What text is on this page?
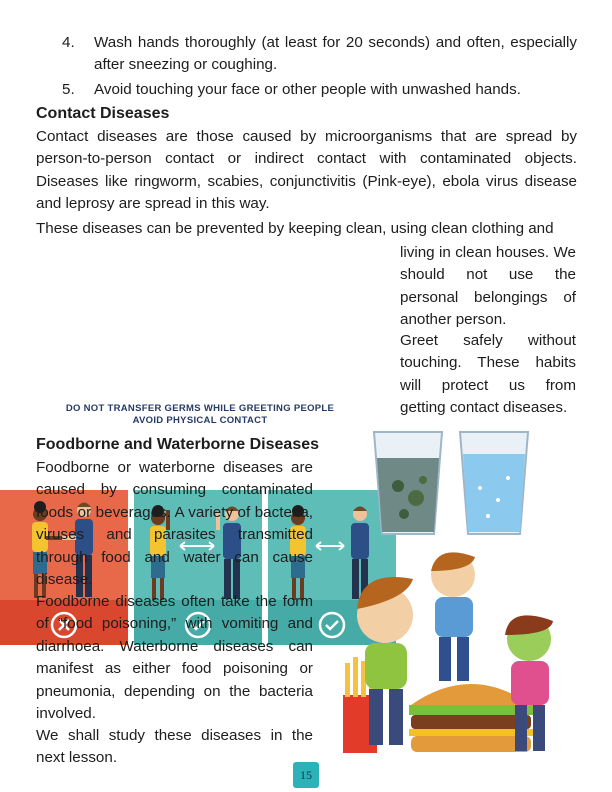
4. Wash hands thoroughly (at least for 20 seconds) and often, especially after sneezing or coughing.
5. Avoid touching your face or other people with unwashed hands.
Contact Diseases
Contact diseases are those caused by microorganisms that are spread by person-to-person contact or indirect contact with contaminated objects. Diseases like ringworm, scabies, conjunctivitis (Pink-eye), ebola virus disease and leprosy are spread in this way.
These diseases can be prevented by keeping clean, using clean clothing and
living in clean houses. We should not use the personal belongings of another person.
Greet safely without touching. These habits will protect us from getting contact diseases.
DO NOT TRANSFER GERMS WHILE GREETING PEOPLE
AVOID PHYSICAL CONTACT
Foodborne and Waterborne Diseases
Foodborne or waterborne diseases are caused by consuming contaminated foods or beverages. A variety of bacteria, viruses and parasites transmitted through food and water can cause disease.
Foodborne diseases often take the form of “food poisoning,” with vomiting and diarrhoea. Waterborne diseases can manifest as either food poisoning or pneumonia, depending on the bacteria involved.
We shall study these diseases in the next lesson.
15
